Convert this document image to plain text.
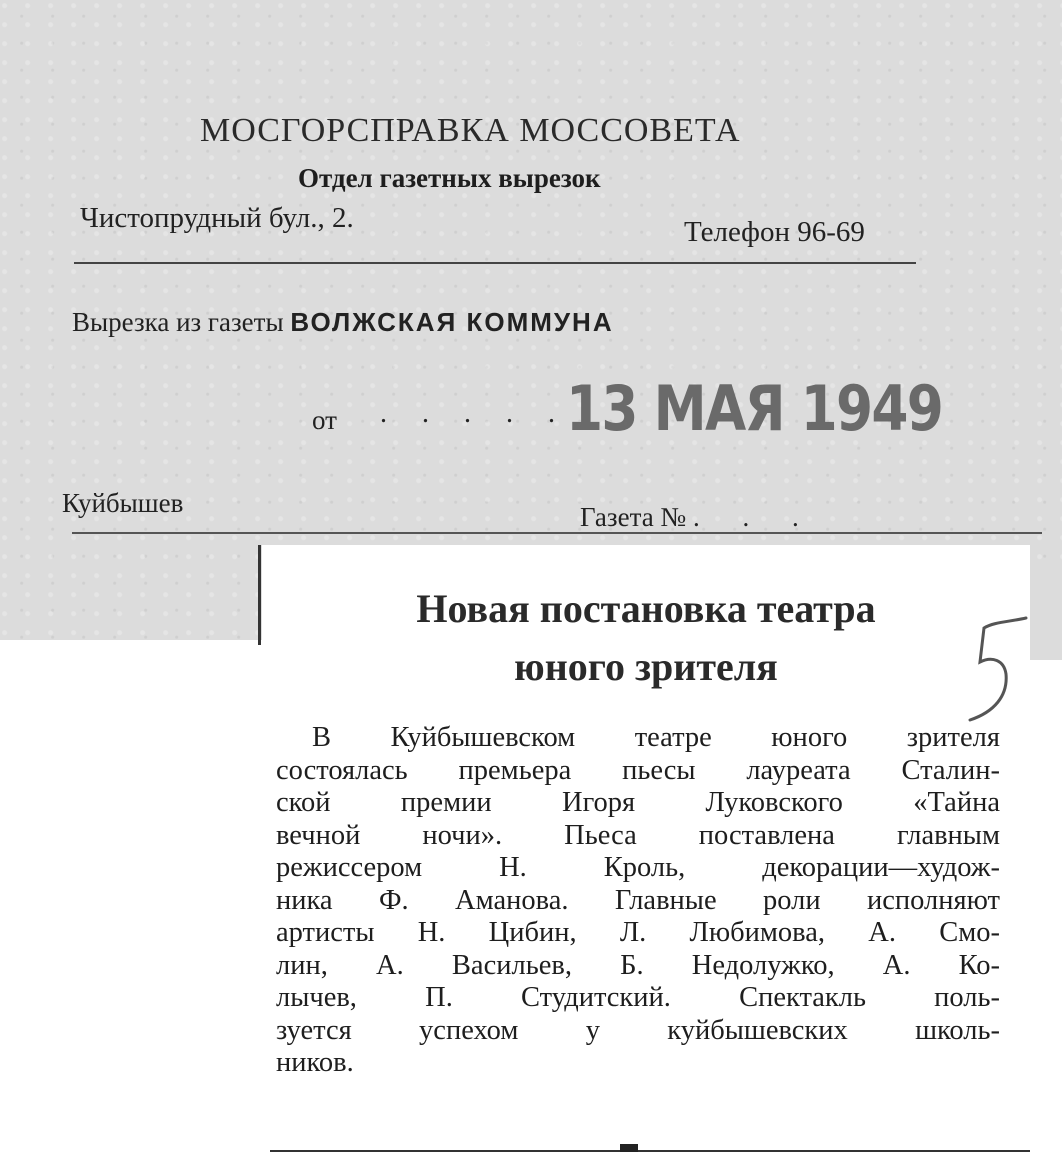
МОСГОРСПРАВКА МОССОВЕТА
Отдел газетных вырезок
Чистопрудный бул., 2.	Телефон 96-69
Вырезка из газеты ВОЛЖСКАЯ КОММУНА
от . . . . .
13 МАЯ 1949
Куйбышев	Газета № . . .
Новая постановка театра
юного зрителя
В Куйбышевском театре юного зрителя
состоялась премьера пьесы лауреата Сталин-
ской премии Игоря Луковского «Тайна
вечной ночи». Пьеса поставлена главным
режиссером Н. Кроль, декорации—худож-
ника Ф. Аманова. Главные роли исполняют
артисты Н. Цибин, Л. Любимова, А. Смо-
лин, А. Васильев, Б. Недолужко, А. Ко-
лычев, П. Студитский. Спектакль поль-
зуется успехом у куйбышевских школь-
ников.
